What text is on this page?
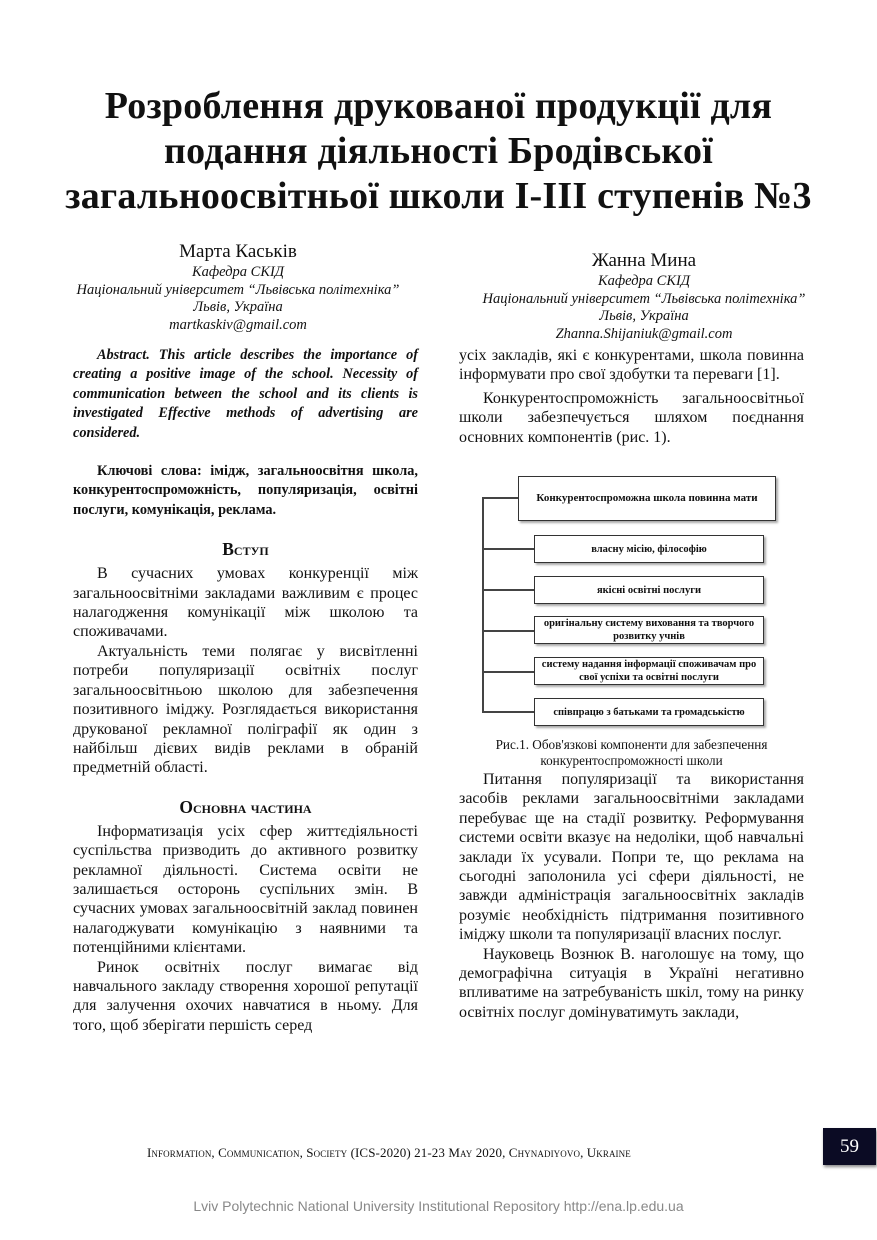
Розроблення друкованої продукції для
подання діяльності Бродівської
загальноосвітньої школи І-ІІІ ступенів №3
Марта Каськів
Кафедра СКІД
Національний університет “Львівська політехніка”
Львів, Україна
martkaskiv@gmail.com
Жанна Мина
Кафедра СКІД
Національний університет “Львівська політехніка”
Львів, Україна
Zhanna.Shijaniuk@gmail.com

Abstract. This article describes the importance of creating a positive image of the school. Necessity of communication between the school and its clients is investigated Effective methods of advertising are considered.

Ключові слова: імідж, загальноосвітня школа, конкурентоспроможність, популяризація, освітні послуги, комунікація, реклама.

Вступ

В сучасних умовах конкуренції між загальноосвітніми закладами важливим є процес налагодження комунікації між школою та споживачами.

Актуальність теми полягає у висвітленні потреби популяризації освітніх послуг загальноосвітньою школою для забезпечення позитивного іміджу. Розглядається використання друкованої рекламної поліграфії як один з найбільш дієвих видів реклами в обраній предметній області.

Основна частина

Інформатизація усіх сфер життєдіяльності суспільства призводить до активного розвитку рекламної діяльності. Система освіти не залишається осторонь суспільних змін. В сучасних умовах загальноосвітній заклад повинен налагоджувати комунікацію з наявними та потенційними клієнтами.

Ринок освітніх послуг вимагає від навчального закладу створення хорошої репутації для залучення охочих навчатися в ньому. Для того, щоб зберігати першість серед

усіх закладів, які є конкурентами, школа повинна інформувати про свої здобутки та переваги [1].

Конкурентоспроможність загальноосвітньої школи забезпечується шляхом поєднання основних компонентів (рис. 1).

Конкурентоспроможна школа повинна мати
власну місію, філософію
якісні освітні послуги
оригінальну систему виховання та творчого розвитку учнів
систему надання інформації споживачам про свої успіхи та освітні послуги
співпрацю з батьками та громадськістю
Рис.1. Обов'язкові компоненти для забезпечення
конкурентоспроможності школи

Питання популяризації та використання засобів реклами загальноосвітніми закладами перебуває ще на стадії розвитку. Реформування системи освіти вказує на недоліки, щоб навчальні заклади їх усували. Попри те, що реклама на сьогодні заполонила усі сфери діяльності, не завжди адміністрація загальноосвітніх закладів розуміє необхідність підтримання позитивного іміджу школи та популяризації власних послуг.

Науковець Вознюк В. наголошує на тому, що демографічна ситуація в Україні негативно впливатиме на затребуваність шкіл, тому на ринку освітніх послуг домінуватимуть заклади,

Information, Communication, Society (ICS-2020) 21-23 May 2020, Chynadiyovo, Ukraine	59
Lviv Polytechnic National University Institutional Repository http://ena.lp.edu.ua
